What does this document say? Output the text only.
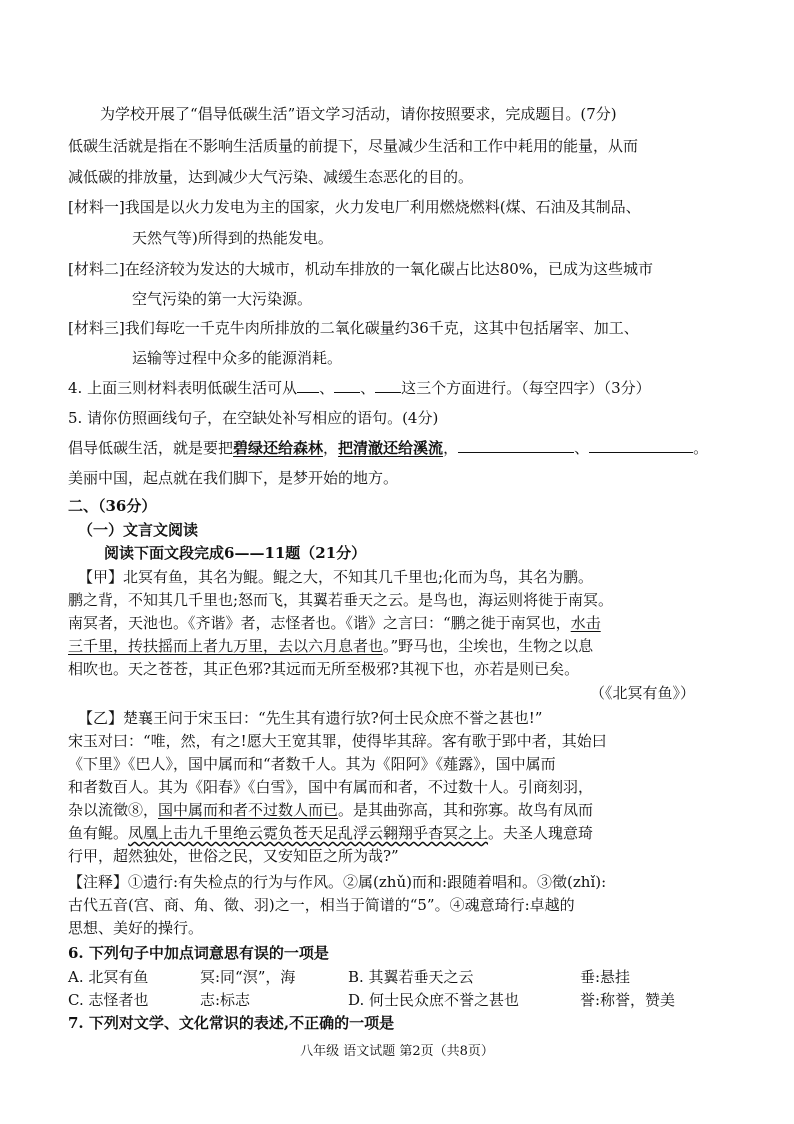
为学校开展了“倡导低碳生活”语文学习活动，请你按照要求，完成题目。(7分)
低碳生活就是指在不影响生活质量的前提下，尽量减少生活和工作中耗用的能量，从而
减低碳的排放量，达到减少大气污染、减缓生态恶化的目的。
[材料一]我国是以火力发电为主的国家，火力发电厂利用燃烧燃料(煤、石油及其制品、
天然气等)所得到的热能发电。
[材料二]在经济较为发达的大城市，机动车排放的一氧化碳占比达80%，已成为这些城市
空气污染的第一大污染源。
[材料三]我们每吃一千克牛肉所排放的二氧化碳量约36千克，这其中包括屠宰、加工、
运输等过程中众多的能源消耗。
4. 上面三则材料表明低碳生活可从 、 、 这三个方面进行。（每空四字）（3分）
5. 请你仿照画线句子，在空缺处补写相应的语句。(4分)
倡导低碳生活，就是要把碧绿还给森林，把清澈还给溪流，	、	。
美丽中国，起点就在我们脚下，是梦开始的地方。
二、（36分）
（一）文言文阅读
阅读下面文段完成6——11题（21分）
【甲】北冥有鱼，其名为鲲。鲲之大，不知其几千里也;化而为鸟，其名为鹏。
鹏之背，不知其几千里也;怒而飞，其翼若垂天之云。是鸟也，海运则将徙于南冥。
南冥者，天池也。《齐谐》者，志怪者也。《谐》之言曰：“鹏之徙于南冥也，水击
三千里，抟扶摇而上者九万里，去以六月息者也。”野马也，尘埃也，生物之以息
相吹也。天之苍苍，其正色邪?其远而无所至极邪?其视下也，亦若是则已矣。
（《北冥有鱼》）
【乙】楚襄王问于宋玉曰：“先生其有遗行欤?何士民众庶不誉之甚也!”
宋玉对曰：“唯，然，有之!愿大王宽其罪，使得毕其辞。客有歌于郢中者，其始曰
《下里》《巴人》，国中属而和“者数千人。其为《阳阿》《薤露》，国中属而
和者数百人。其为《阳春》《白雪》，国中有属而和者，不过数十人。引商刻羽，
杂以流徵⑧，国中属而和者不过数人而已。是其曲弥高，其和弥寡。故鸟有凤而
鱼有鲲。凤凰上击九千里绝云霓负苍天足乱浮云翱翔乎杳冥之上。夫圣人瑰意琦
行甲，超然独处，世俗之民，又安知臣之所为哉?”
【注释】①遗行:有失检点的行为与作风。②属(zhǔ)而和:跟随着唱和。③徵(zhǐ):
古代五音(宫、商、角、徵、羽)之一，相当于简谱的“5”。④魂意琦行:卓越的
思想、美好的操行。
6. 下列句子中加点词意思有误的一项是
A. 北冥有鱼	冥:同“溟”，海	B. 其翼若垂天之云	垂:悬挂
C. 志怪者也	志:标志	D. 何士民众庶不誉之甚也	誉:称誉，赞美
7. 下列对文学、文化常识的表述,不正确的一项是
八年级 语文试题 第2页（共8页）
